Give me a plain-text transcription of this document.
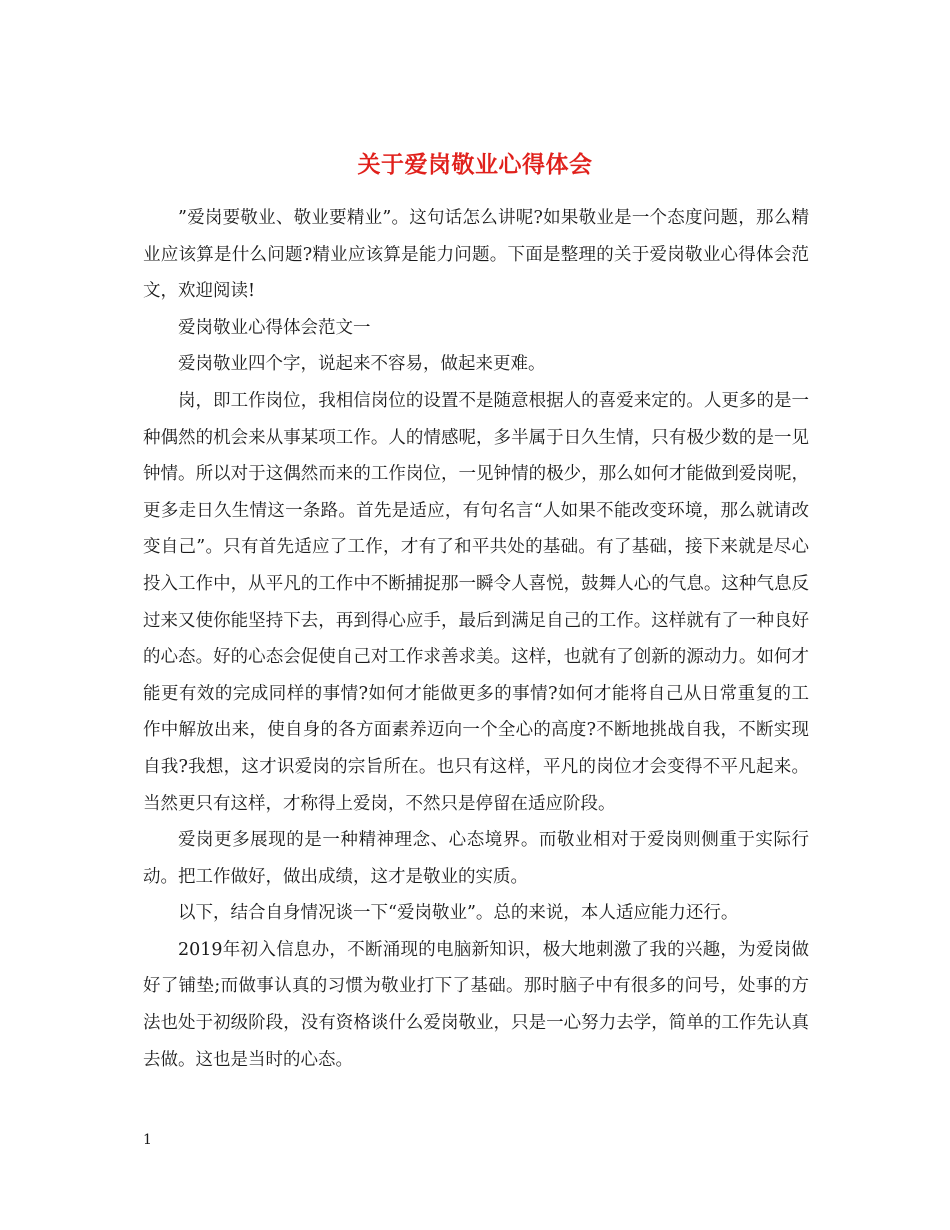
关于爱岗敬业心得体会

”爱岗要敬业、敬业要精业”。这句话怎么讲呢?如果敬业是一个态度问题，那么精业应该算是什么问题?精业应该算是能力问题。下面是整理的关于爱岗敬业心得体会范文，欢迎阅读!

爱岗敬业心得体会范文一

爱岗敬业四个字，说起来不容易，做起来更难。

岗，即工作岗位，我相信岗位的设置不是随意根据人的喜爱来定的。人更多的是一种偶然的机会来从事某项工作。人的情感呢，多半属于日久生情，只有极少数的是一见钟情。所以对于这偶然而来的工作岗位，一见钟情的极少，那么如何才能做到爱岗呢，更多走日久生情这一条路。首先是适应，有句名言“人如果不能改变环境，那么就请改变自己”。只有首先适应了工作，才有了和平共处的基础。有了基础，接下来就是尽心投入工作中，从平凡的工作中不断捕捉那一瞬令人喜悦，鼓舞人心的气息。这种气息反过来又使你能坚持下去，再到得心应手，最后到满足自己的工作。这样就有了一种良好的心态。好的心态会促使自己对工作求善求美。这样，也就有了创新的源动力。如何才能更有效的完成同样的事情?如何才能做更多的事情?如何才能将自己从日常重复的工作中解放出来，使自身的各方面素养迈向一个全心的高度?不断地挑战自我，不断实现自我?我想，这才识爱岗的宗旨所在。也只有这样，平凡的岗位才会变得不平凡起来。当然更只有这样，才称得上爱岗，不然只是停留在适应阶段。

爱岗更多展现的是一种精神理念、心态境界。而敬业相对于爱岗则侧重于实际行动。把工作做好，做出成绩，这才是敬业的实质。

以下，结合自身情况谈一下“爱岗敬业”。总的来说，本人适应能力还行。

2019年初入信息办，不断涌现的电脑新知识，极大地刺激了我的兴趣，为爱岗做好了铺垫;而做事认真的习惯为敬业打下了基础。那时脑子中有很多的问号，处事的方法也处于初级阶段，没有资格谈什么爱岗敬业，只是一心努力去学，简单的工作先认真去做。这也是当时的心态。

1
